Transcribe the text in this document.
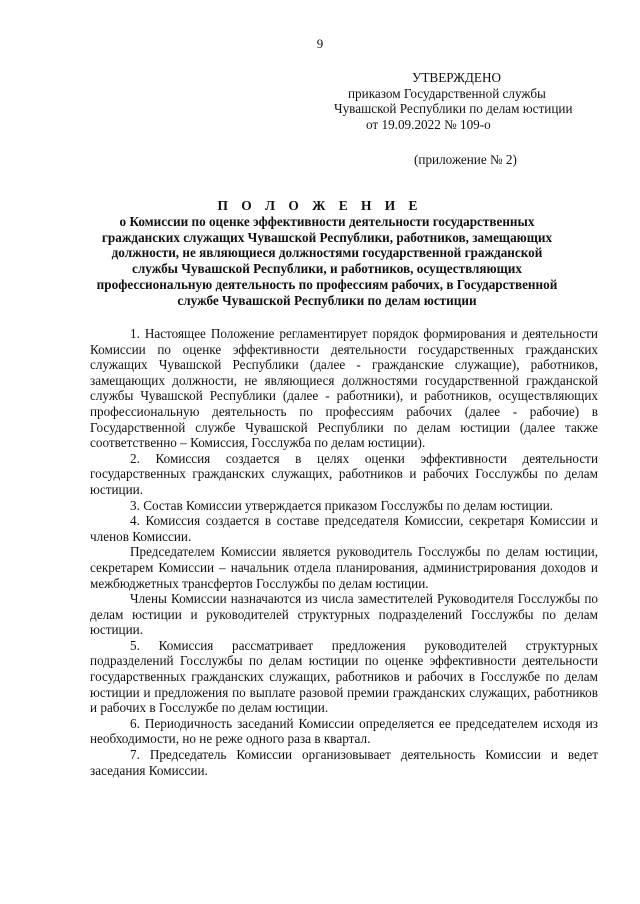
9
УТВЕРЖДЕНО
приказом Государственной службы
Чувашской Республики по делам юстиции
от 19.09.2022 № 109-о
(приложение № 2)
П О Л О Ж Е Н И Е
о Комиссии по оценке эффективности деятельности государственных гражданских служащих Чувашской Республики, работников, замещающих должности, не являющиеся должностями государственной гражданской службы Чувашской Республики, и работников, осуществляющих профессиональную деятельность по профессиям рабочих, в Государственной службе Чувашской Республики по делам юстиции

1. Настоящее Положение регламентирует порядок формирования и деятельности Комиссии по оценке эффективности деятельности государственных гражданских служащих Чувашской Республики (далее - гражданские служащие), работников, замещающих должности, не являющиеся должностями государственной гражданской службы Чувашской Республики (далее - работники), и работников, осуществляющих профессиональную деятельность по профессиям рабочих (далее - рабочие) в Государственной службе Чувашской Республики по делам юстиции (далее также соответственно – Комиссия, Госслужба по делам юстиции).

2. Комиссия создается в целях оценки эффективности деятельности государственных гражданских служащих, работников и рабочих Госслужбы по делам юстиции.

3. Состав Комиссии утверждается приказом Госслужбы по делам юстиции.

4. Комиссия создается в составе председателя Комиссии, секретаря Комиссии и членов Комиссии.

Председателем Комиссии является руководитель Госслужбы по делам юстиции, секретарем Комиссии – начальник отдела планирования, администрирования доходов и межбюджетных трансфертов Госслужбы по делам юстиции.

Члены Комиссии назначаются из числа заместителей Руководителя Госслужбы по делам юстиции и руководителей структурных подразделений Госслужбы по делам юстиции.

5. Комиссия рассматривает предложения руководителей структурных подразделений Госслужбы по делам юстиции по оценке эффективности деятельности государственных гражданских служащих, работников и рабочих в Госслужбе по делам юстиции и предложения по выплате разовой премии гражданских служащих, работников и рабочих в Госслужбе по делам юстиции.

6. Периодичность заседаний Комиссии определяется ее председателем исходя из необходимости, но не реже одного раза в квартал.

7. Председатель Комиссии организовывает деятельность Комиссии и ведет заседания Комиссии.
